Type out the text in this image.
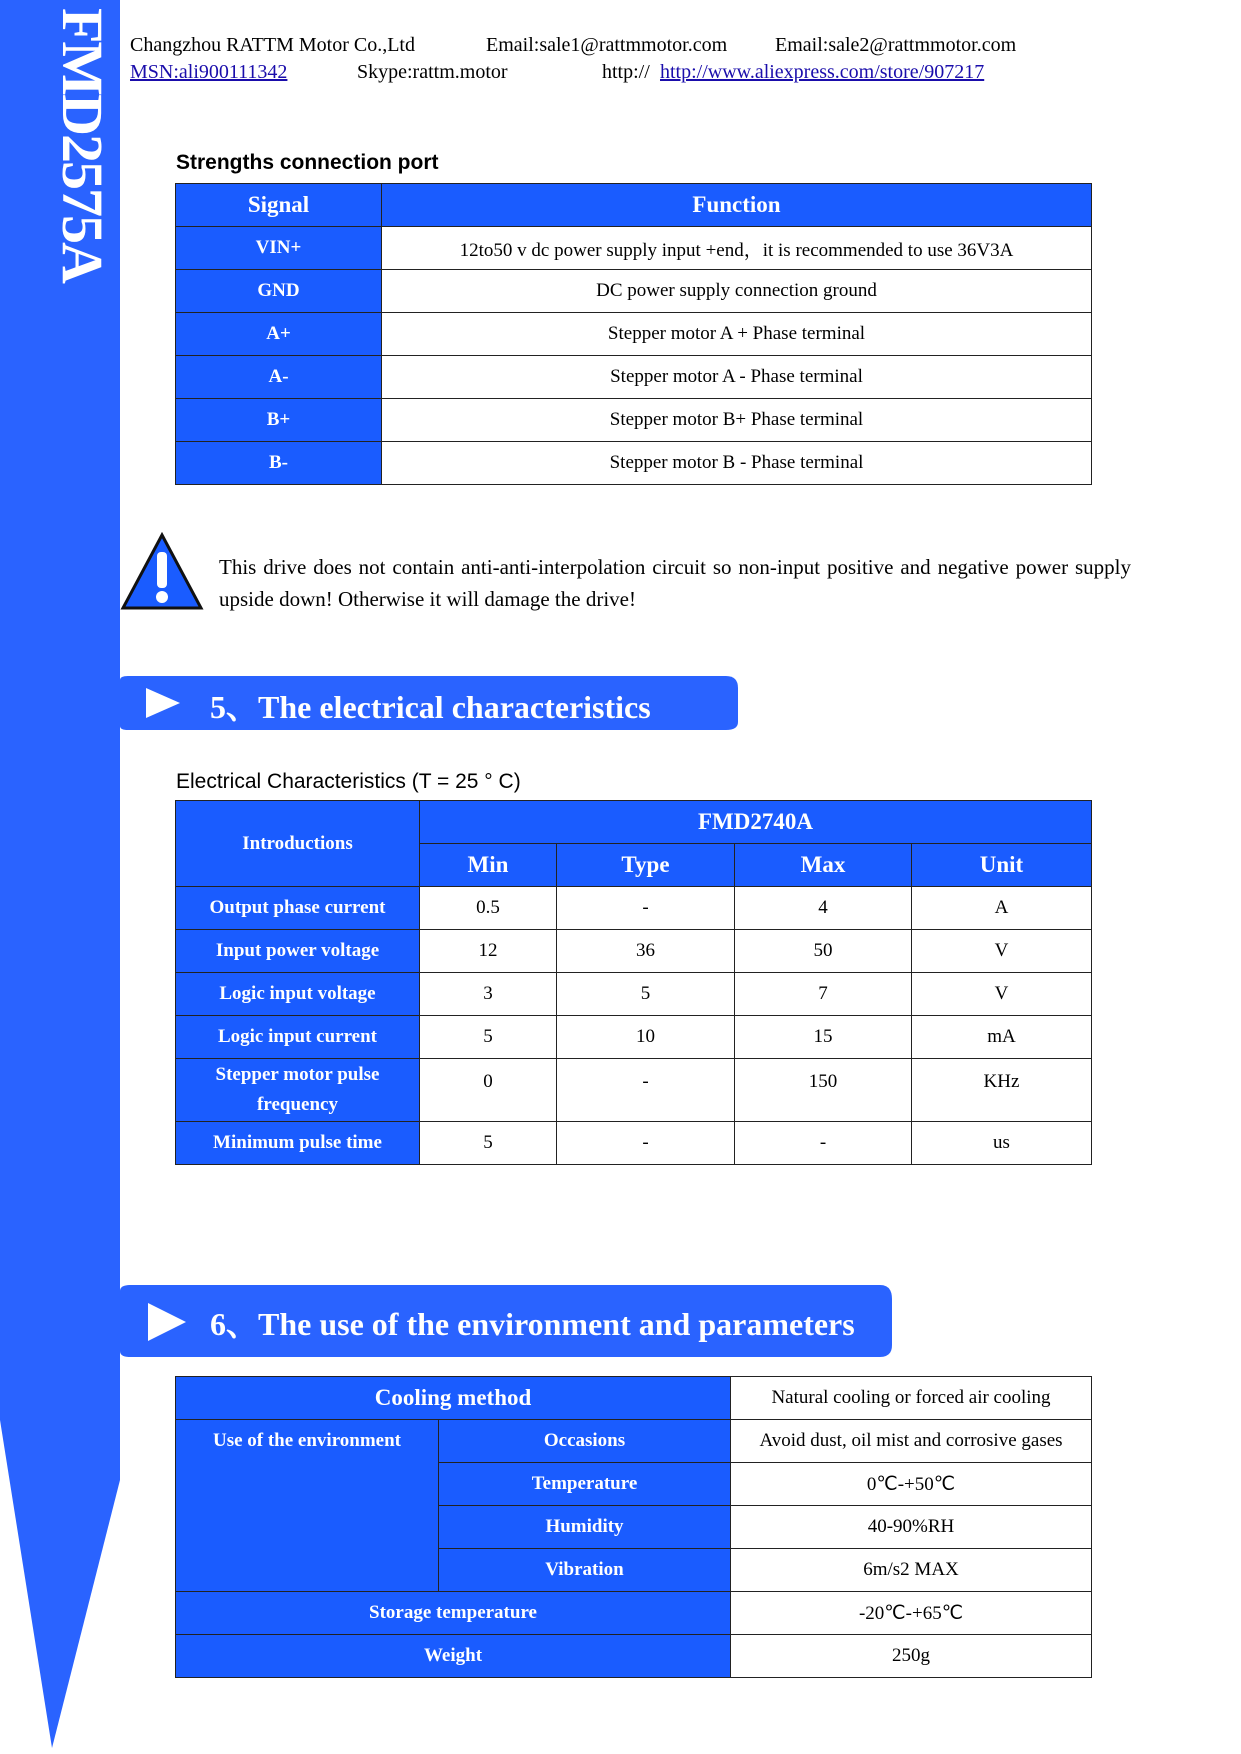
FMD2575A Changzhou RATTM Motor Co.,Ltd	Email:sale1@rattmmotor.com Email:sale2@rattmmotor.com
MSN:ali900111342	Skype:rattm.motor	http:// http://www.aliexpress.com/store/907217
Strengths connection port
Signal	Function
VIN+	12to50 v dc power supply input +end，it is recommended to use 36V3A
GND	DC power supply connection ground
A+	Stepper motor A + Phase terminal
A-	Stepper motor A - Phase terminal
B+	Stepper motor B+ Phase terminal
B-	Stepper motor B - Phase terminal
This drive does not contain anti-anti-interpolation circuit so non-input positive and negative power supply upside down! Otherwise it will damage the drive!
5、The electrical characteristics
Electrical Characteristics (T = 25 ° C)
Introductions	FMD2740A			
	Min	Type	Max	Unit
Output phase current	0.5	-	4	A
Input power voltage	12	36	50	V
Logic input voltage	3	5	7	V
Logic input current	5	10	15	mA
Stepper motor pulse frequency	0	-	150	KHz
Minimum pulse time	5	-	-	us
6、The use of the environment and parameters
Cooling method		Natural cooling or forced air cooling
Use of the environment	Occasions	Avoid dust, oil mist and corrosive gases
	Temperature	0℃-+50℃
	Humidity	40-90%RH
	Vibration	6m/s2 MAX
Storage temperature		-20℃-+65℃
Weight		250g
